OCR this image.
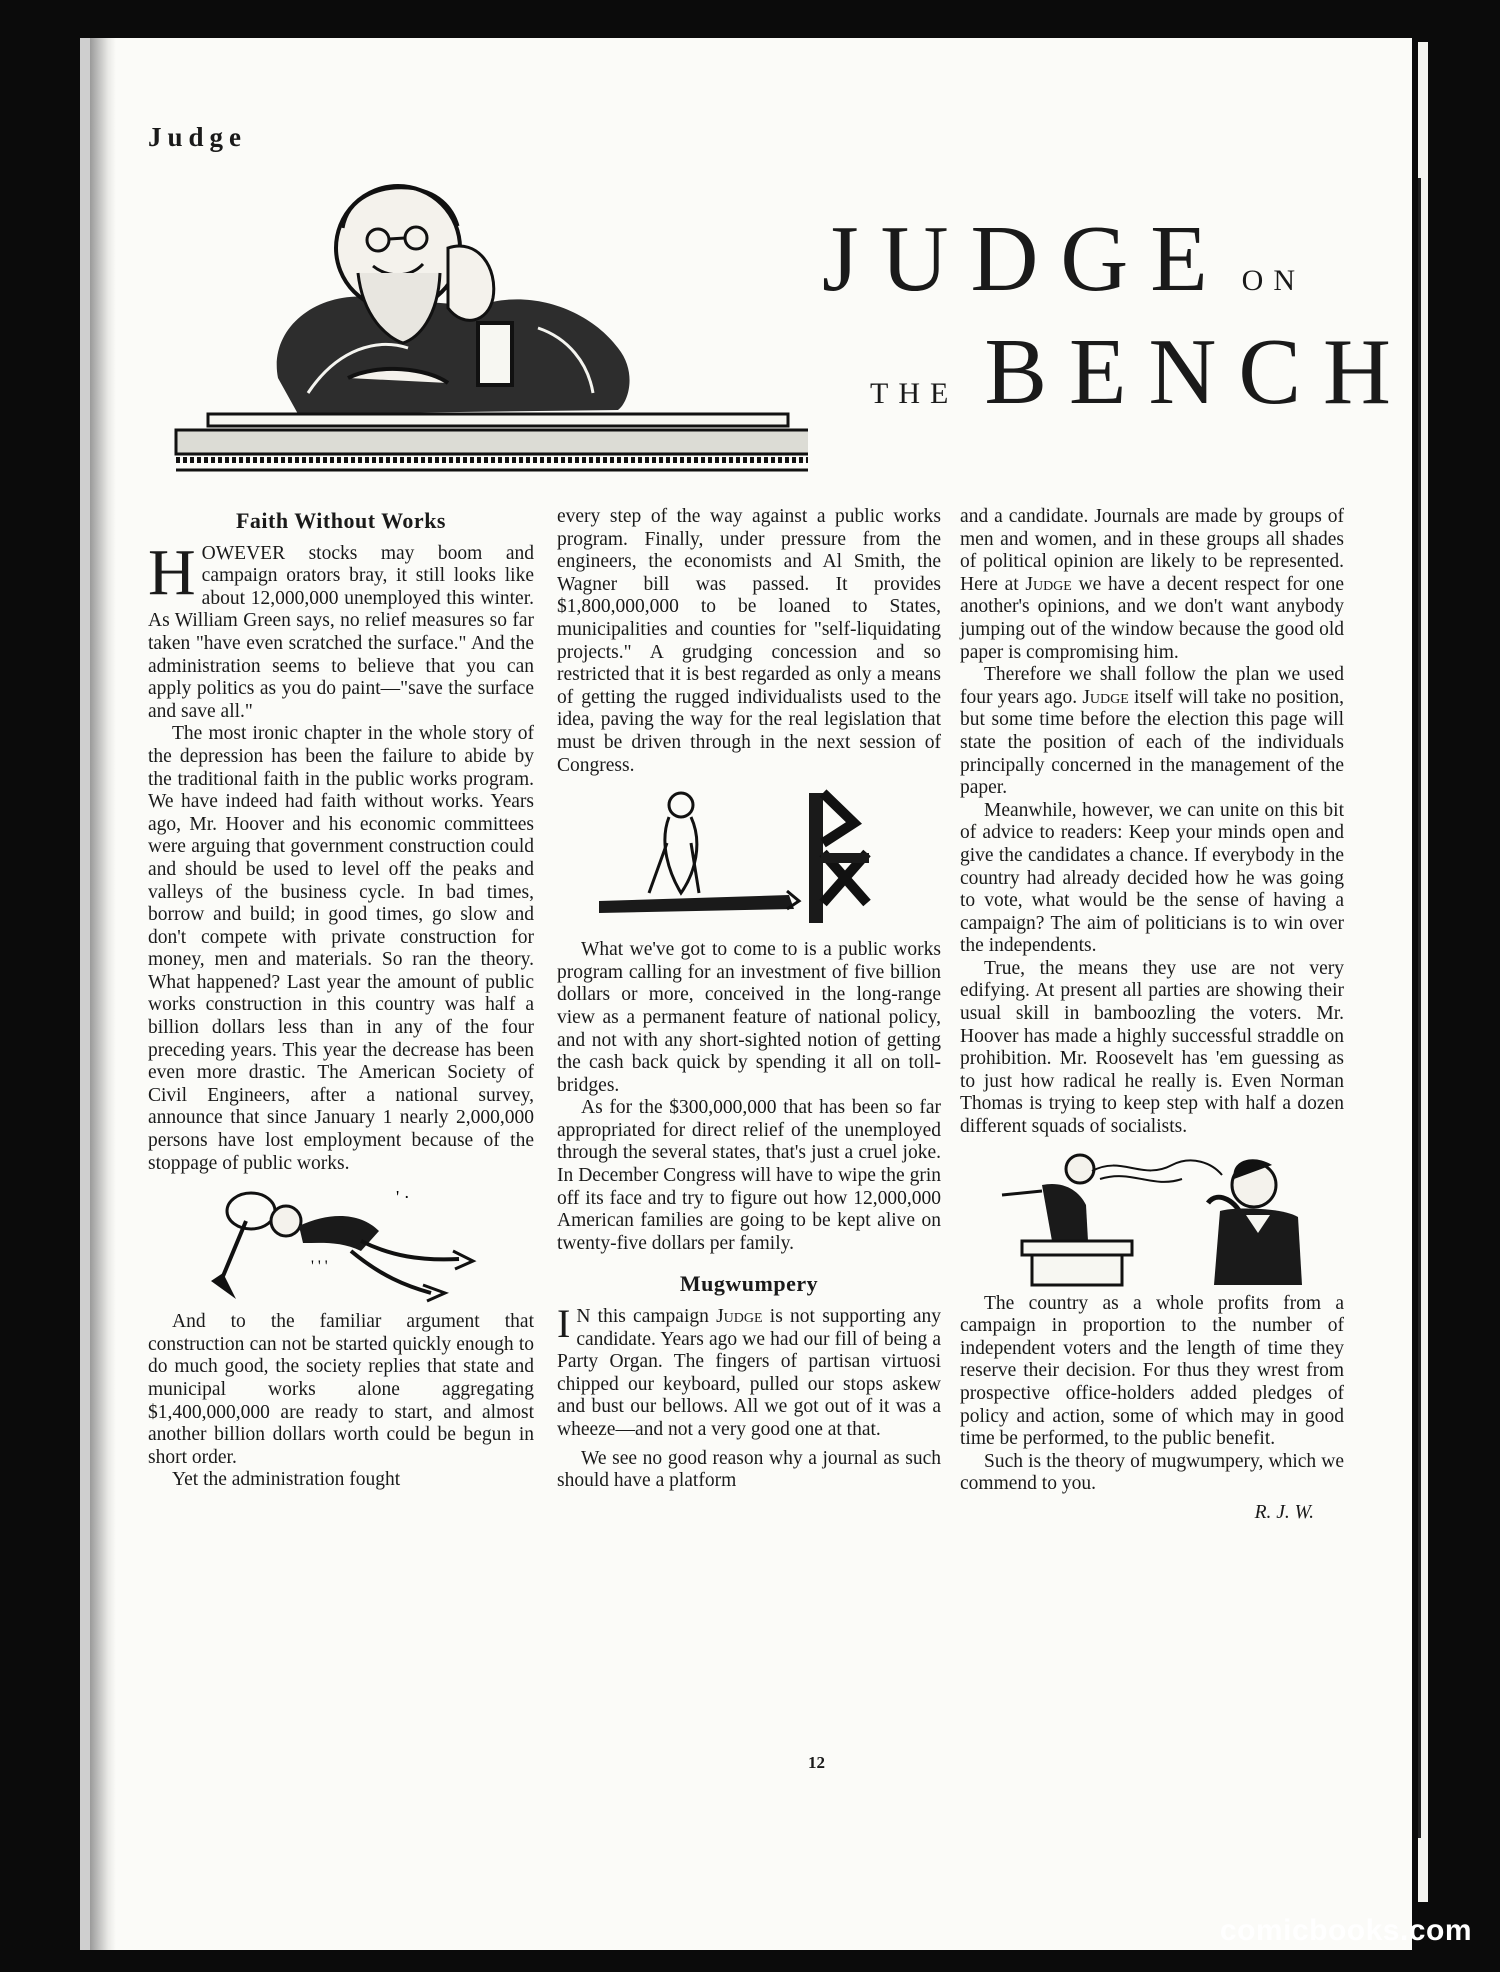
Judge
JUDGE ON
THE BENCH
Faith Without Works

HOWEVER stocks may boom and campaign orators bray, it still looks like about 12,000,000 unemployed this winter. As William Green says, no relief measures so far taken "have even scratched the surface." And the administration seems to believe that you can apply politics as you do paint—"save the surface and save all."

The most ironic chapter in the whole story of the depression has been the failure to abide by the traditional faith in the public works program. We have indeed had faith without works. Years ago, Mr. Hoover and his economic committees were arguing that government construction could and should be used to level off the peaks and valleys of the business cycle. In bad times, borrow and build; in good times, go slow and don't compete with private construction for money, men and materials. So ran the theory. What happened? Last year the amount of public works construction in this country was half a billion dollars less than in any of the four preceding years. This year the decrease has been even more drastic. The American Society of Civil Engineers, after a national survey, announce that since January 1 nearly 2,000,000 persons have lost employment because of the stoppage of public works.

' ·
' ' '

And to the familiar argument that construction can not be started quickly enough to do much good, the society replies that state and municipal works alone aggregating $1,400,000,000 are ready to start, and almost another billion dollars worth could be begun in short order.

Yet the administration fought

every step of the way against a public works program. Finally, under pressure from the engineers, the economists and Al Smith, the Wagner bill was passed. It provides $1,800,000,000 to be loaned to States, municipalities and counties for "self-liquidating projects." A grudging concession and so restricted that it is best regarded as only a means of getting the rugged individualists used to the idea, paving the way for the real legislation that must be driven through in the next session of Congress.

What we've got to come to is a public works program calling for an investment of five billion dollars or more, conceived in the long-range view as a permanent feature of national policy, and not with any short-sighted notion of getting the cash back quick by spending it all on toll-bridges.

As for the $300,000,000 that has been so far appropriated for direct relief of the unemployed through the several states, that's just a cruel joke. In December Congress will have to wipe the grin off its face and try to figure out how 12,000,000 American families are going to be kept alive on twenty-five dollars per family.

Mugwumpery

I N this campaign Judge is not supporting any candidate. Years ago we had our fill of being a Party Organ. The fingers of partisan virtuosi chipped our keyboard, pulled our stops askew and bust our bellows. All we got out of it was a wheeze—and not a very good one at that.

We see no good reason why a journal as such should have a platform

and a candidate. Journals are made by groups of men and women, and in these groups all shades of political opinion are likely to be represented. Here at Judge we have a decent respect for one another's opinions, and we don't want anybody jumping out of the window because the good old paper is compromising him.

Therefore we shall follow the plan we used four years ago. Judge itself will take no position, but some time before the election this page will state the position of each of the individuals principally concerned in the management of the paper.

Meanwhile, however, we can unite on this bit of advice to readers: Keep your minds open and give the candidates a chance. If everybody in the country had already decided how he was going to vote, what would be the sense of having a campaign? The aim of politicians is to win over the independents.

True, the means they use are not very edifying. At present all parties are showing their usual skill in bamboozling the voters. Mr. Hoover has made a highly successful straddle on prohibition. Mr. Roosevelt has 'em guessing as to just how radical he really is. Even Norman Thomas is trying to keep step with half a dozen different squads of socialists.

The country as a whole profits from a campaign in proportion to the number of independent voters and the length of time they reserve their decision. For thus they wrest from prospective office-holders added pledges of policy and action, some of which may in good time be performed, to the public benefit.

Such is the theory of mugwumpery, which we commend to you.

R. J. W.
12
comicbooks.com
